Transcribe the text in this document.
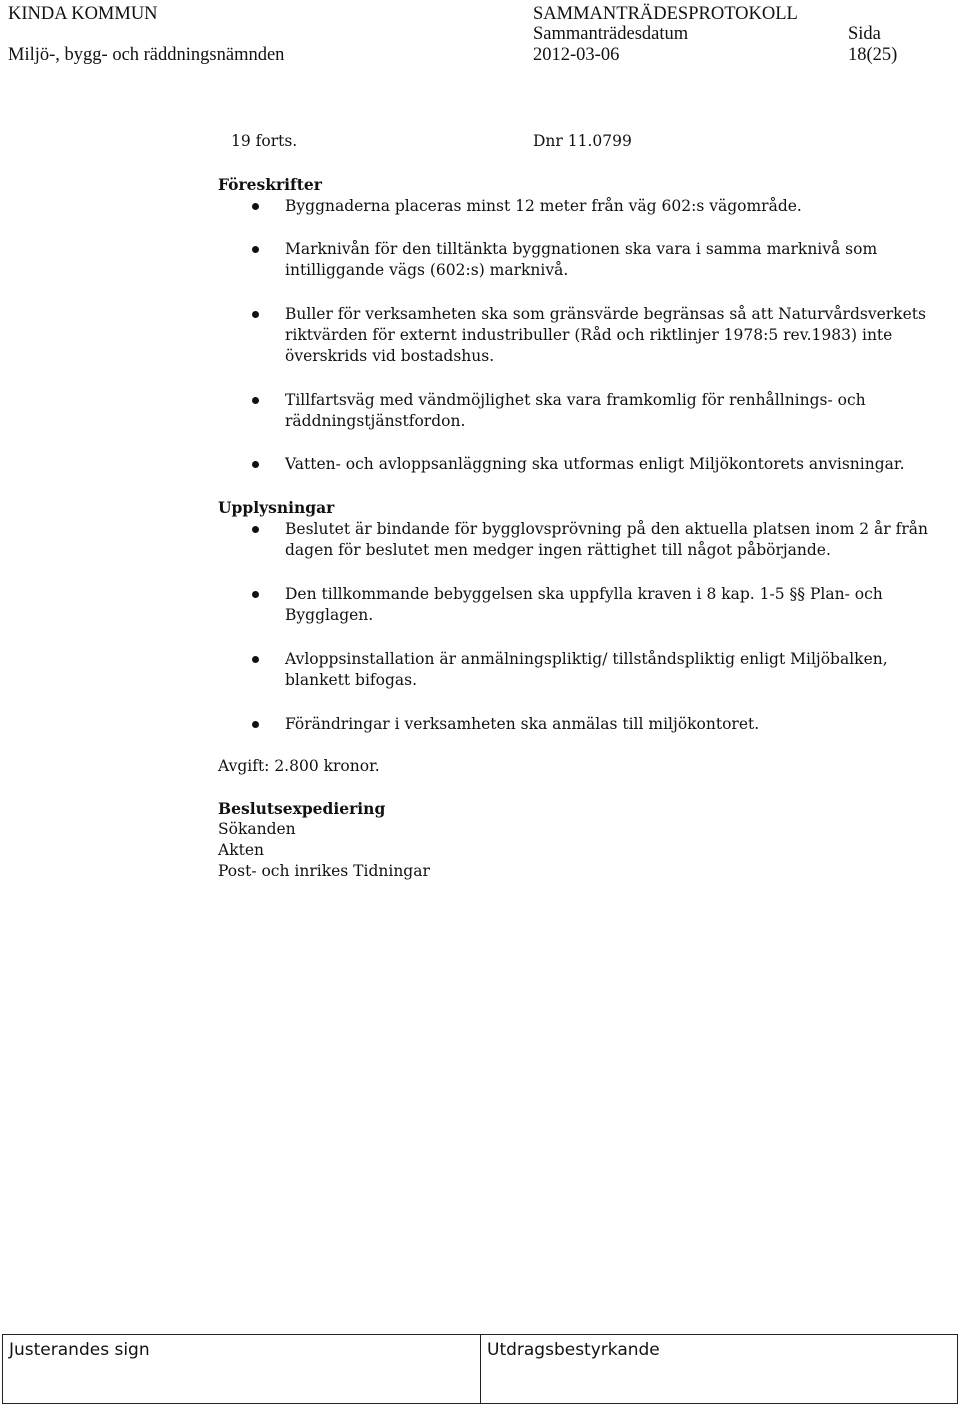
KINDA KOMMUN	SAMMANTRÄDESPROTOKOLL
Miljö-, bygg- och räddningsnämnden
Sammanträdesdatum
2012-03-06
Sida
18(25)
19 forts.	Dnr 11.0799
Föreskrifter
Byggnaderna placeras minst 12 meter från väg 602:s vägområde.
Marknivån för den tilltänkta byggnationen ska vara i samma marknivå som
intilliggande vägs (602:s) marknivå.
Buller för verksamheten ska som gränsvärde begränsas så att Naturvårdsverkets
riktvärden för externt industribuller (Råd och riktlinjer 1978:5 rev.1983) inte
överskrids vid bostadshus.
Tillfartsväg med vändmöjlighet ska vara framkomlig för renhållnings- och
räddningstjänstfordon.
Vatten- och avloppsanläggning ska utformas enligt Miljökontorets anvisningar.
Upplysningar
Beslutet är bindande för bygglovsprövning på den aktuella platsen inom 2 år från
dagen för beslutet men medger ingen rättighet till något påbörjande.
Den tillkommande bebyggelsen ska uppfylla kraven i 8 kap. 1-5 §§ Plan- och
Bygglagen.
Avloppsinstallation är anmälningspliktig/ tillståndspliktig enligt Miljöbalken,
blankett bifogas.
Förändringar i verksamheten ska anmälas till miljökontoret.
Avgift: 2.800 kronor.
Beslutsexpediering
Sökanden
Akten
Post- och inrikes Tidningar
Justerandes sign	Utdragsbestyrkande
